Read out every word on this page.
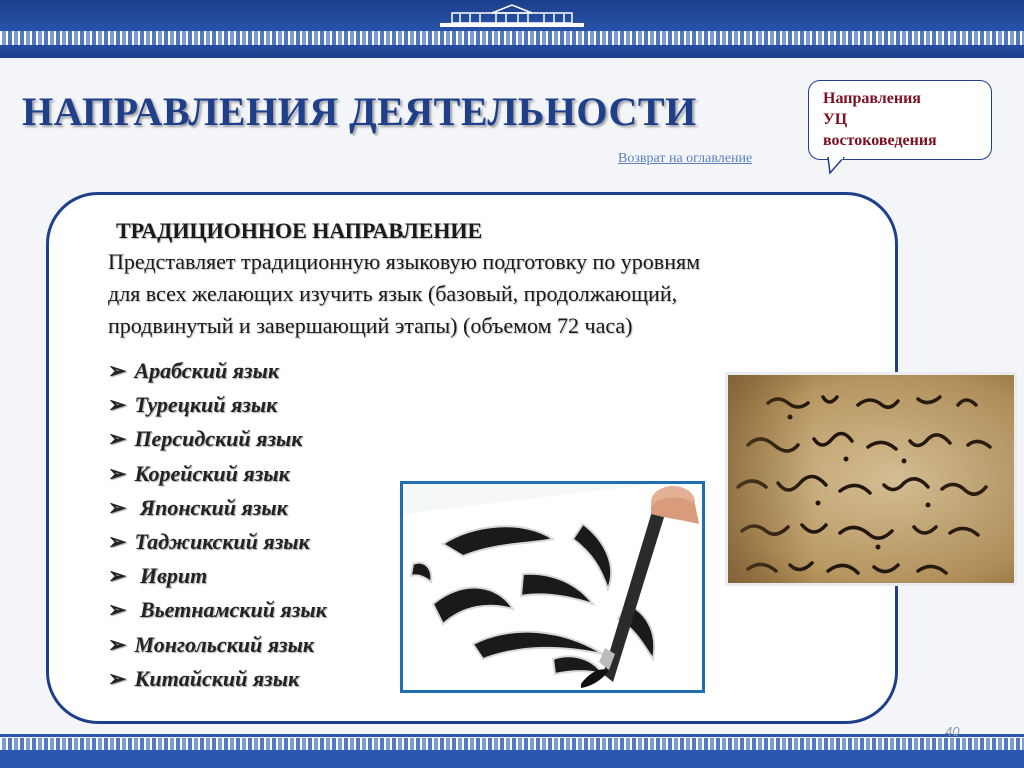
НАПРАВЛЕНИЯ ДЕЯТЕЛЬНОСТИ
Возврат на оглавление
Направления
УЦ
востоковедения
ТРАДИЦИОННОЕ НАПРАВЛЕНИЕ
Представляет традиционную языковую подготовку по уровням
для всех желающих изучить язык (базовый, продолжающий,
продвинутый и завершающий этапы) (объемом 72 часа)
➢ Арабский язык
➢ Турецкий язык
➢ Персидский язык
➢ Корейский язык
➢ Японский язык
➢ Таджикский язык
➢ Иврит
➢ Вьетнамский язык
➢ Монгольский язык
➢ Китайский язык
40
